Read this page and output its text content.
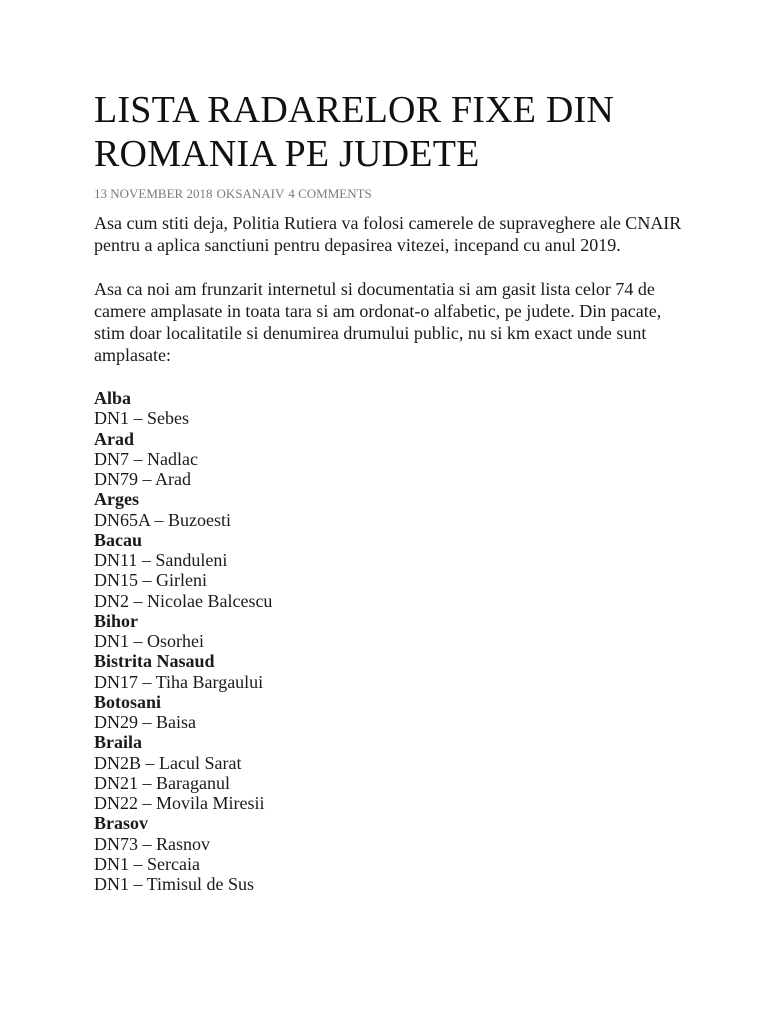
LISTA RADARELOR FIXE DIN ROMANIA PE JUDETE
13 NOVEMBER 2018 OKSANAIV 4 COMMENTS

Asa cum stiti deja, Politia Rutiera va folosi camerele de supraveghere ale CNAIR pentru a aplica sanctiuni pentru depasirea vitezei, incepand cu anul 2019.

Asa ca noi am frunzarit internetul si documentatia si am gasit lista celor 74 de camere amplasate in toata tara si am ordonat-o alfabetic, pe judete. Din pacate, stim doar localitatile si denumirea drumului public, nu si km exact unde sunt amplasate:

Alba
DN1 – Sebes
Arad
DN7 – Nadlac
DN79 – Arad
Arges
DN65A – Buzoesti
Bacau
DN11 – Sanduleni
DN15 – Girleni
DN2 – Nicolae Balcescu
Bihor
DN1 – Osorhei
Bistrita Nasaud
DN17 – Tiha Bargaului
Botosani
DN29 – Baisa
Braila
DN2B – Lacul Sarat
DN21 – Baraganul
DN22 – Movila Miresii
Brasov
DN73 – Rasnov
DN1 – Sercaia
DN1 – Timisul de Sus
